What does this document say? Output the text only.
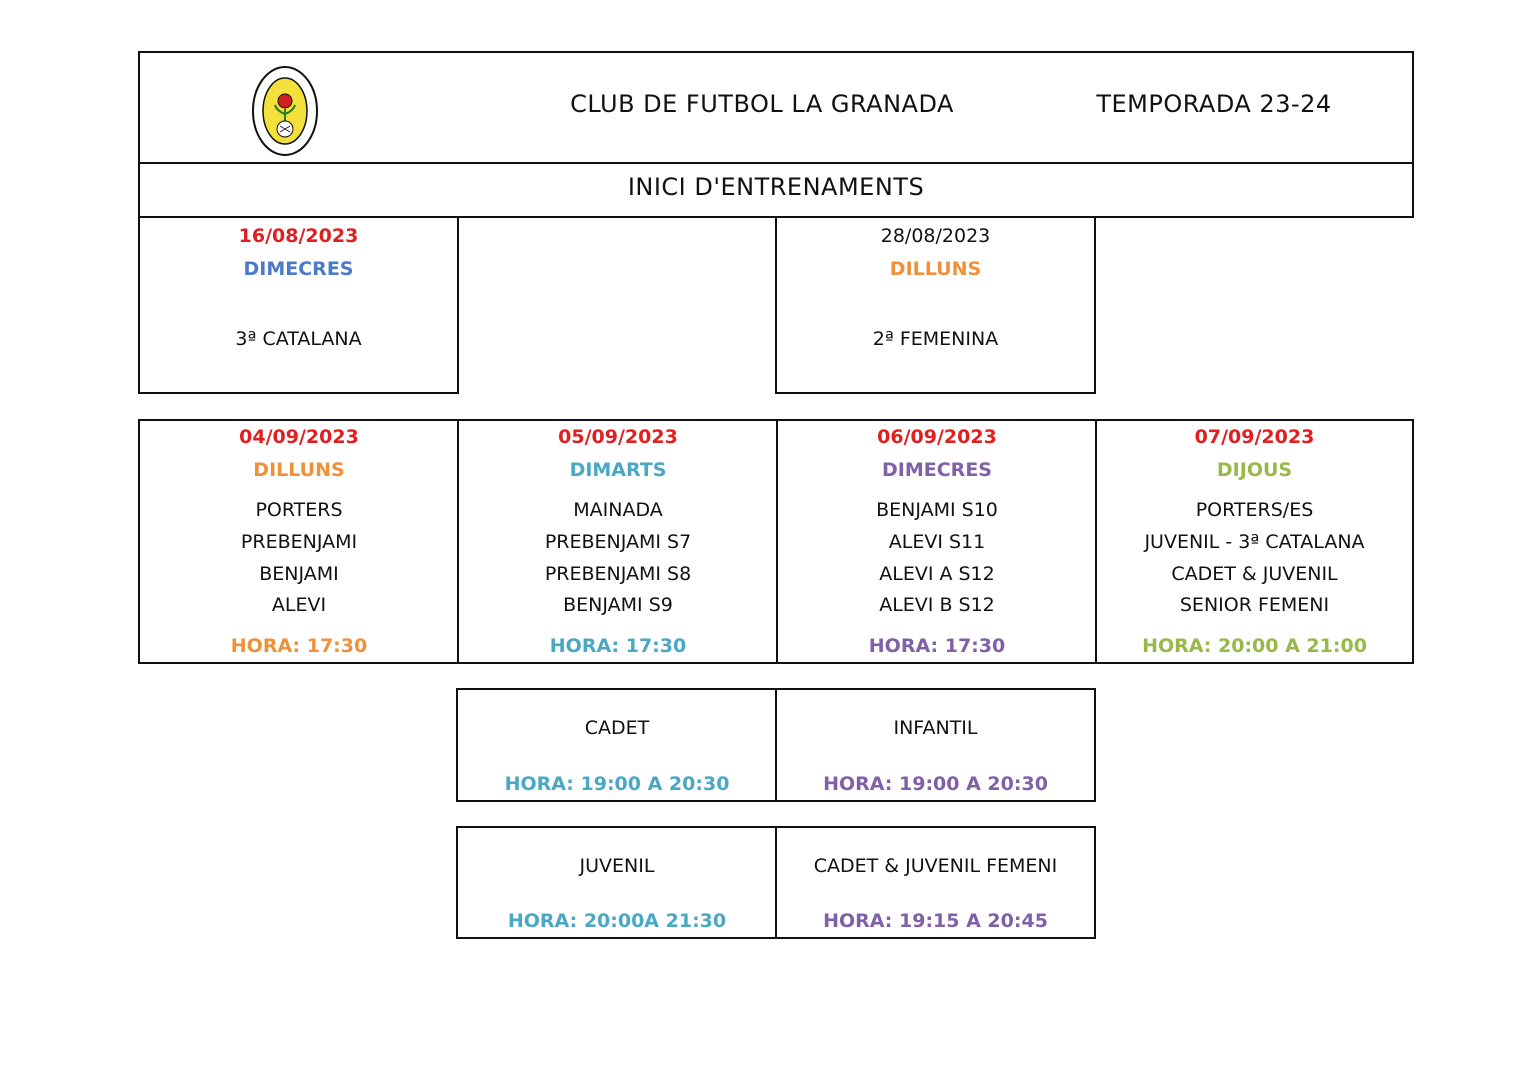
CLUB DE FUTBOL LA GRANADA	TEMPORADA 23-24
INICI D'ENTRENAMENTS
16/08/2023
DIMECRES
3ª CATALANA
28/08/2023
DILLUNS
2ª FEMENINA
04/09/2023
DILLUNS
PORTERS
PREBENJAMI
BENJAMI
ALEVI
HORA: 17:30
05/09/2023
DIMARTS
MAINADA
PREBENJAMI S7
PREBENJAMI S8
BENJAMI S9
HORA: 17:30
06/09/2023
DIMECRES
BENJAMI S10
ALEVI S11
ALEVI A S12
ALEVI B S12
HORA: 17:30
07/09/2023
DIJOUS
PORTERS/ES
JUVENIL - 3ª CATALANA
CADET & JUVENIL
SENIOR FEMENI
HORA: 20:00 A 21:00
CADET
HORA: 19:00 A 20:30
INFANTIL
HORA: 19:00 A 20:30
JUVENIL
HORA: 20:00A 21:30
CADET & JUVENIL FEMENI
HORA: 19:15 A 20:45
